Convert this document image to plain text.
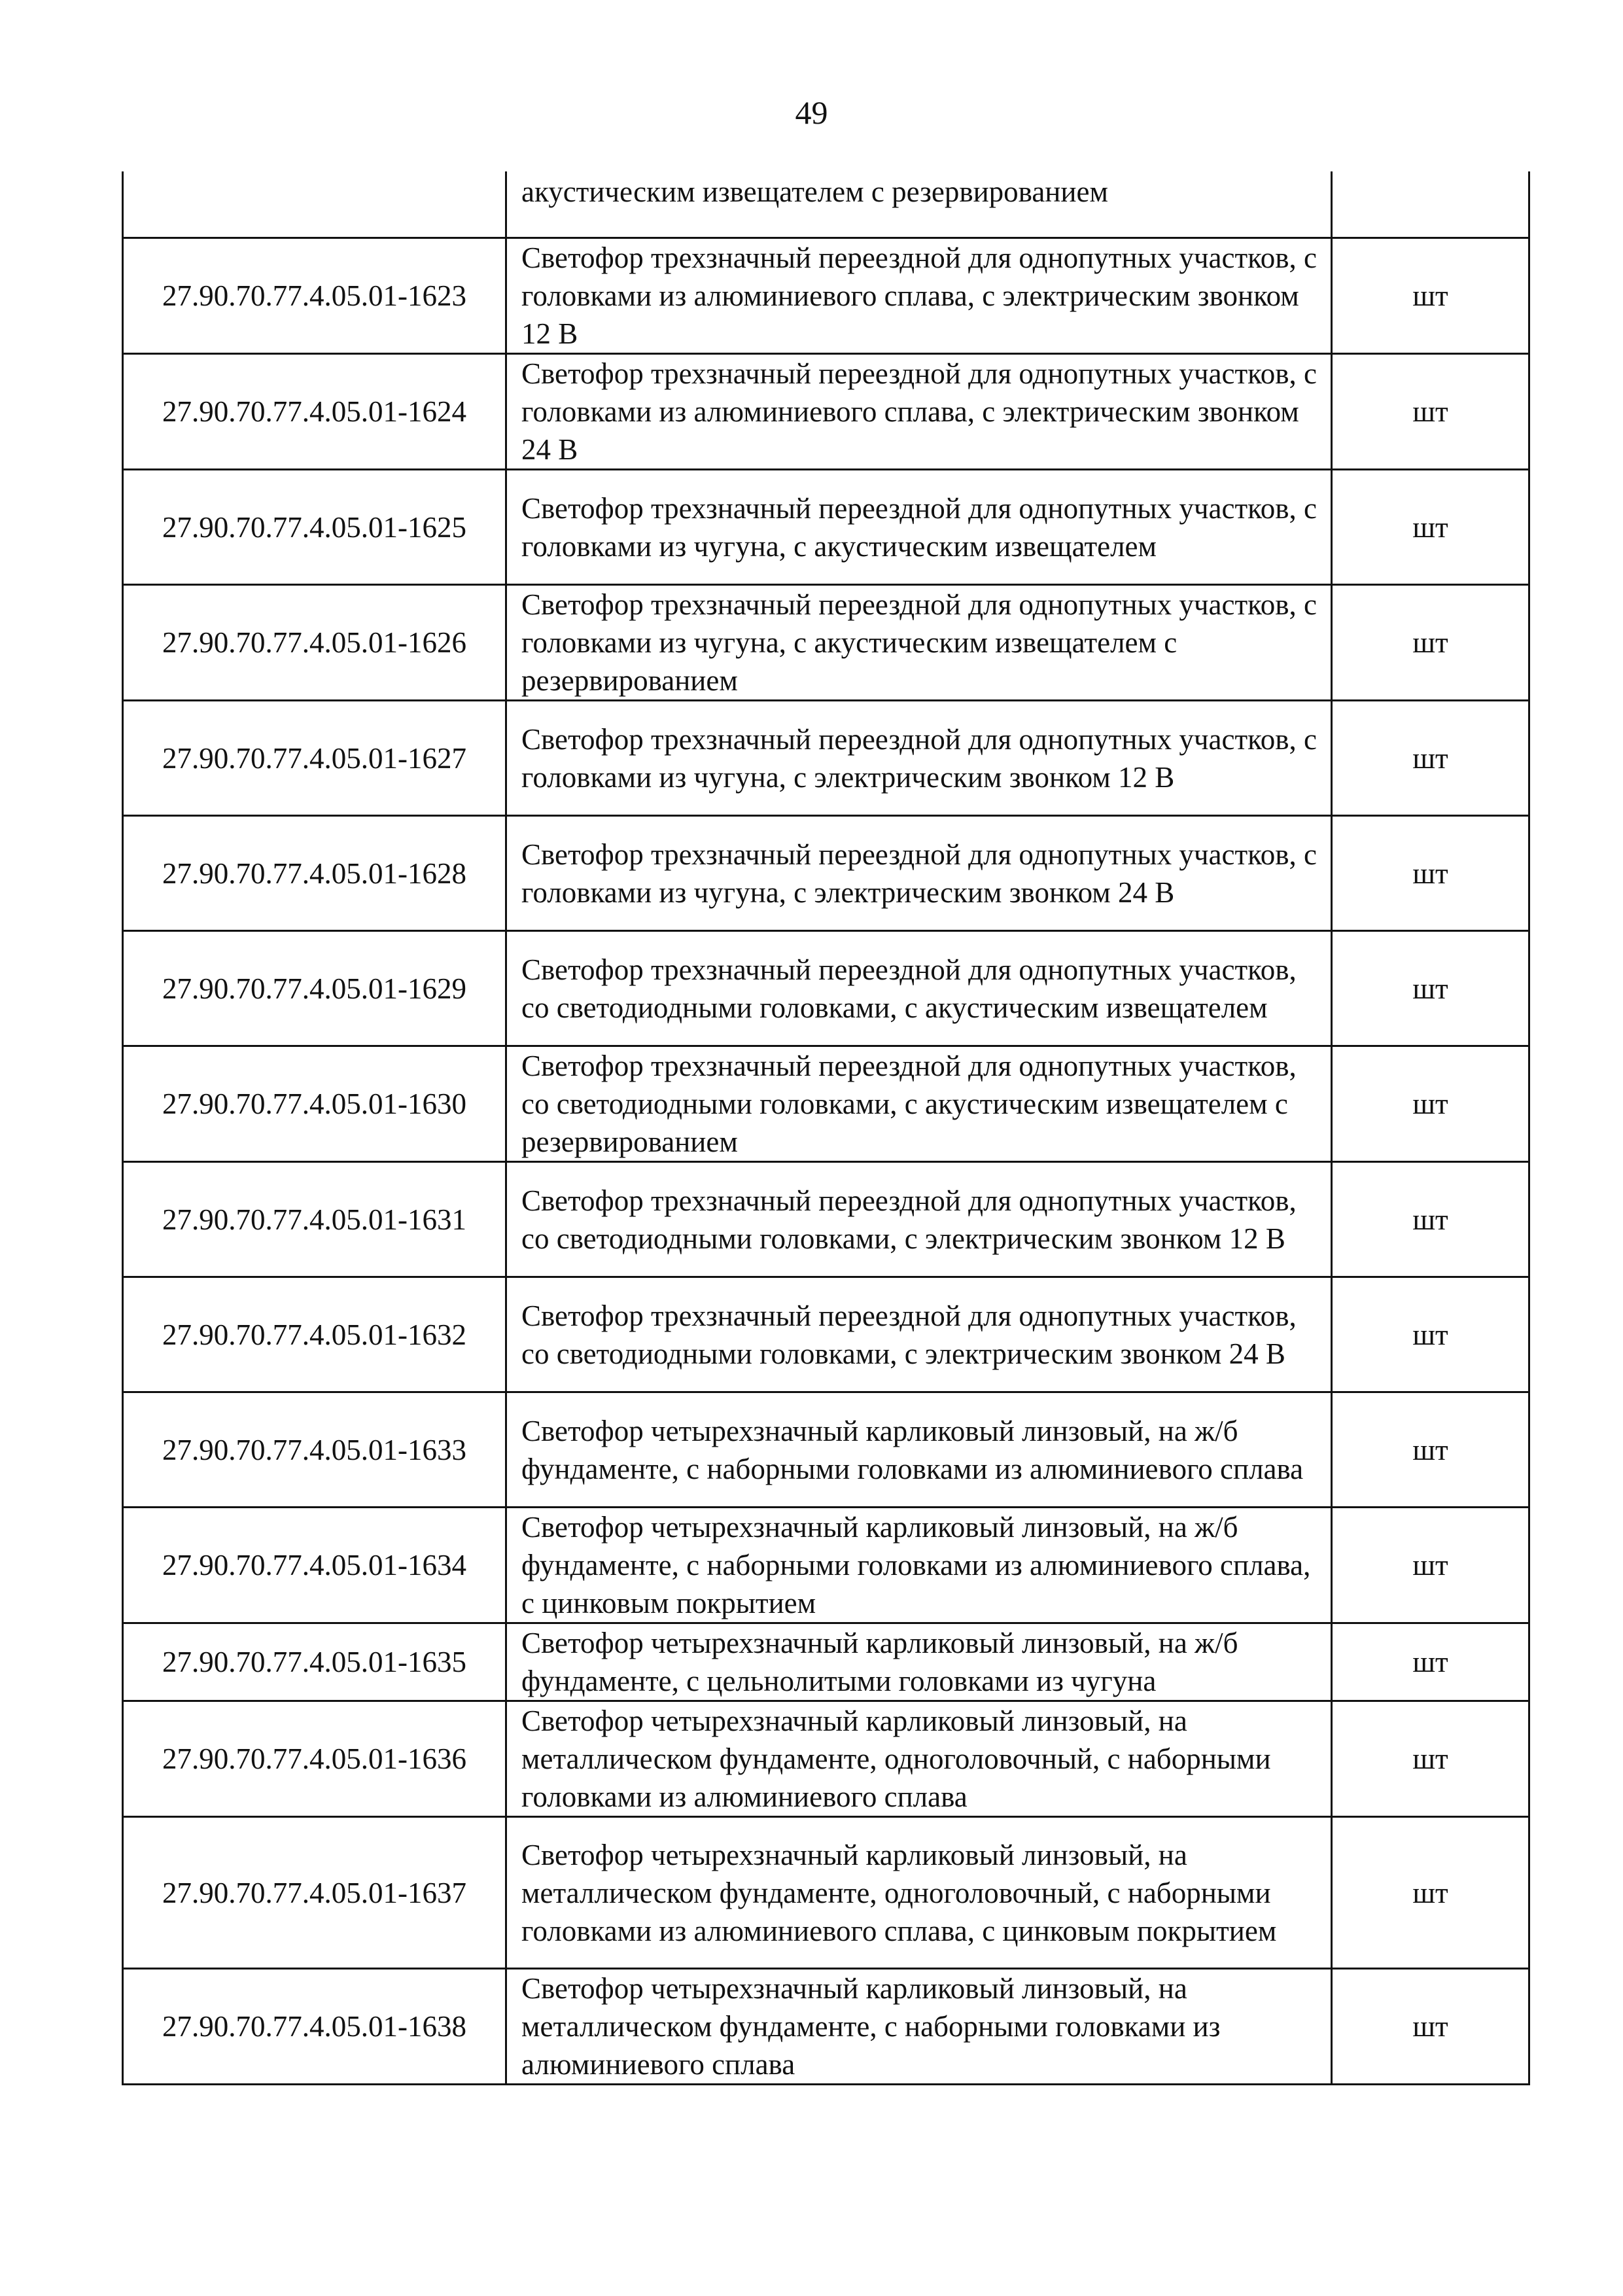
49
	акустическим извещателем с резервированием	
27.90.70.77.4.05.01-1623	Светофор трехзначный переездной для однопутных участков, с головками из алюминиевого сплава, с электрическим звонком 12 В	шт
27.90.70.77.4.05.01-1624	Светофор трехзначный переездной для однопутных участков, с головками из алюминиевого сплава, с электрическим звонком 24 В	шт
27.90.70.77.4.05.01-1625	Светофор трехзначный переездной для однопутных участков, с головками из чугуна, с акустическим извещателем	шт
27.90.70.77.4.05.01-1626	Светофор трехзначный переездной для однопутных участков, с головками из чугуна, с акустическим извещателем с резервированием	шт
27.90.70.77.4.05.01-1627	Светофор трехзначный переездной для однопутных участков, с головками из чугуна, с электрическим звонком 12 В	шт
27.90.70.77.4.05.01-1628	Светофор трехзначный переездной для однопутных участков, с головками из чугуна, с электрическим звонком 24 В	шт
27.90.70.77.4.05.01-1629	Светофор трехзначный переездной для однопутных участков, со светодиодными головками, с акустическим извещателем	шт
27.90.70.77.4.05.01-1630	Светофор трехзначный переездной для однопутных участков, со светодиодными головками, с акустическим извещателем с резервированием	шт
27.90.70.77.4.05.01-1631	Светофор трехзначный переездной для однопутных участков, со светодиодными головками, с электрическим звонком 12 В	шт
27.90.70.77.4.05.01-1632	Светофор трехзначный переездной для однопутных участков, со светодиодными головками, с электрическим звонком 24 В	шт
27.90.70.77.4.05.01-1633	Светофор четырехзначный карликовый линзовый, на ж/б фундаменте, с наборными головками из алюминиевого сплава	шт
27.90.70.77.4.05.01-1634	Светофор четырехзначный карликовый линзовый, на ж/б фундаменте, с наборными головками из алюминиевого сплава, с цинковым покрытием	шт
27.90.70.77.4.05.01-1635	Светофор четырехзначный карликовый линзовый, на ж/б фундаменте, с цельнолитыми головками из чугуна	шт
27.90.70.77.4.05.01-1636	Светофор четырехзначный карликовый линзовый, на металлическом фундаменте, одноголовочный, с наборными головками из алюминиевого сплава	шт
27.90.70.77.4.05.01-1637	Светофор четырехзначный карликовый линзовый, на металлическом фундаменте, одноголовочный, с наборными головками из алюминиевого сплава, с цинковым покрытием	шт
27.90.70.77.4.05.01-1638	Светофор четырехзначный карликовый линзовый, на металлическом фундаменте, с наборными головками из алюминиевого сплава	шт
